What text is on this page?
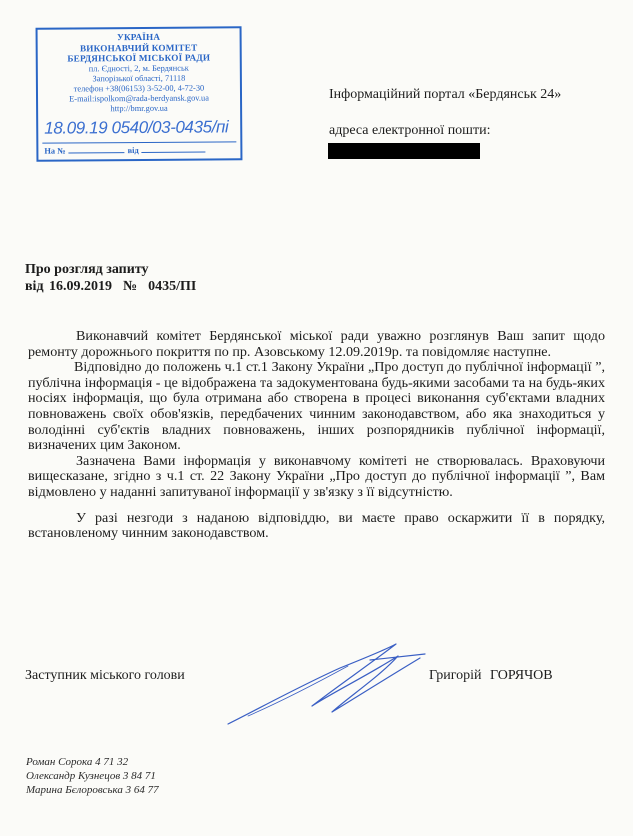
УКРАЇНА
ВИКОНАВЧИЙ КОМІТЕТ
БЕРДЯНСЬКОЇ МІСЬКОЇ РАДИ
пл. Єдності, 2, м. Бердянськ
Запорізької області, 71118
телефон +38(06153) 3-52-00, 4-72-30
E-mail:ispolkom@rada-berdyansk.gov.ua
http://bmr.gov.ua
18.09.19 0540/03-0435/пі
На №	від
Інформаційний портал «Бердянськ 24»
адреса електронної пошти:
Про розгляд запиту
від 16.09.2019 № 0435/ПІ

Виконавчий комітет Бердянської міської ради уважно розглянув Ваш запит щодо ремонту дорожнього покриття по пр. Азовському 12.09.2019р. та повідомляє наступне.

Відповідно до положень ч.1 ст.1 Закону України „Про доступ до публічної інформації ”, публічна інформація - це відображена та задокументована будь-якими засобами та на будь-яких носіях інформація, що була отримана або створена в процесі виконання суб'єктами владних повноважень своїх обов'язків, передбачених чинним законодавством, або яка знаходиться у володінні суб'єктів владних повноважень, інших розпорядників публічної інформації, визначених цим Законом.

Зазначена Вами інформація у виконавчому комітеті не створювалась. Враховуючи вищесказане, згідно з ч.1 ст. 22 Закону України „Про доступ до публічної інформації ”, Вам відмовлено у наданні запитуваної інформації у зв'язку з її відсутністю.

У разі незгоди з наданою відповіддю, ви маєте право оскаржити її в порядку, встановленому чинним законодавством.

Заступник міського голови	Григорій ГОРЯЧОВ
Роман Сорока 4 71 32
Олександр Кузнецов 3 84 71
Марина Бєлоровська 3 64 77
